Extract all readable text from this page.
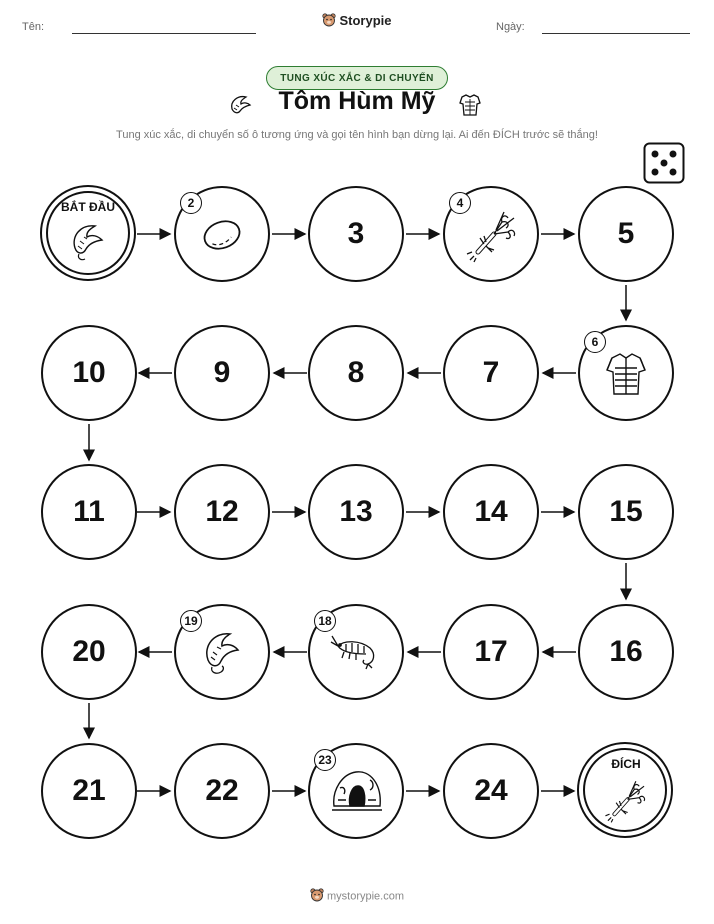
Tên:	Storypie	Ngày:
TUNG XÚC XẮC & DI CHUYỂN
Tôm Hùm Mỹ
Tung xúc xắc, di chuyển số ô tương ứng và gọi tên hình bạn dừng lại. Ai đến ĐÍCH trước sẽ thắng!
BẮT ĐẦU	2
3
4
5
10	9	8	7
6
11	12	13	14	15
20
19	18
17	16
21	22
23
24
ĐÍCH
mystorypie.com
